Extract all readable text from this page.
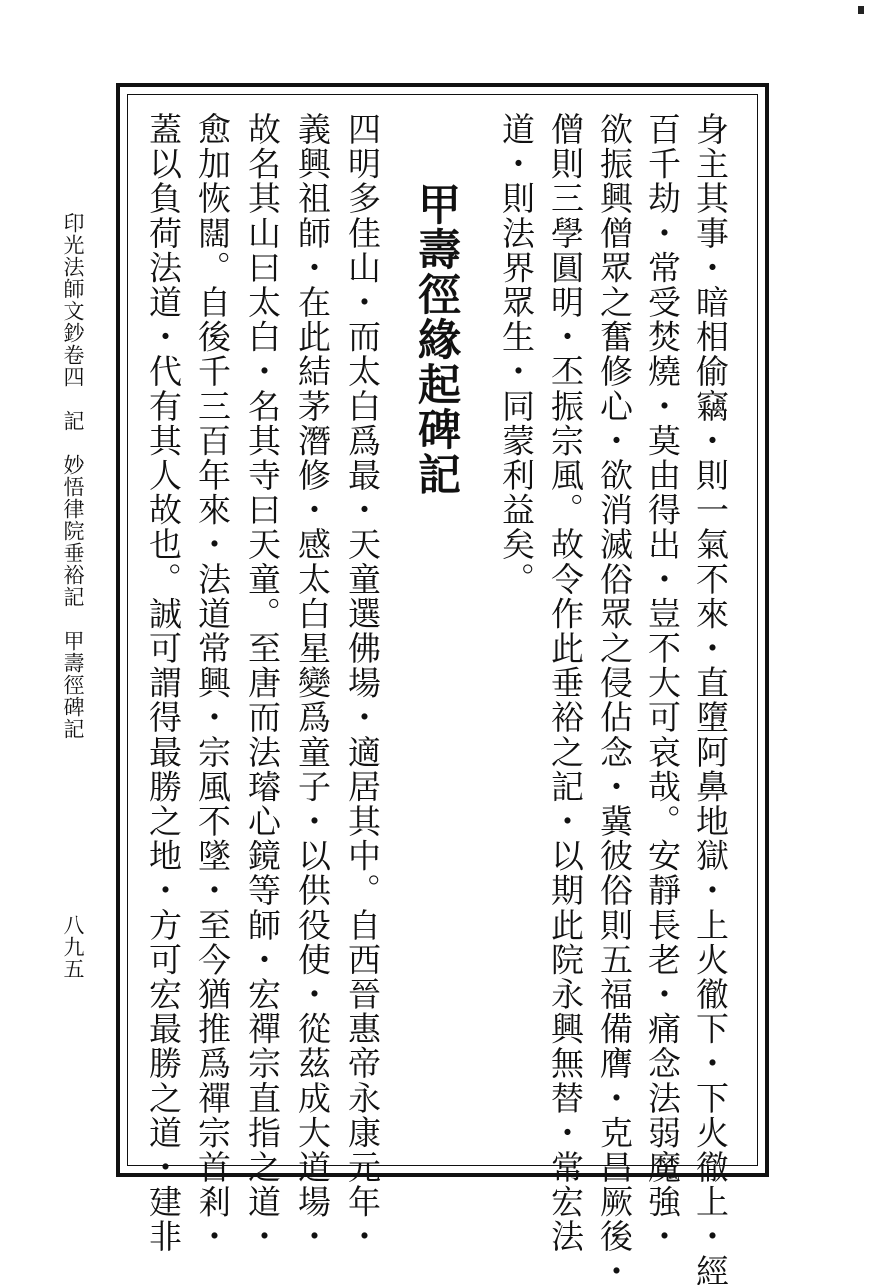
身主其事・暗相偷竊・則一氣不來・直墮阿鼻地獄・上火徹下・下火徹上・經
百千劫・常受焚燒・莫由得出・豈不大可哀哉。安靜長老・痛念法弱魔強・
欲振興僧眾之奮修心・欲消滅俗眾之侵佔念・冀彼俗則五福備膺・克昌厥後・
僧則三學圓明・丕振宗風。故令作此垂裕之記・以期此院永興無替・常宏法
道・則法界眾生・同蒙利益矣。
甲壽徑緣起碑記
四明多佳山・而太白爲最・天童選佛場・適居其中。自西晉惠帝永康元年・
義興祖師・在此結茅潛修・感太白星變爲童子・以供役使・從茲成大道場・
故名其山曰太白・名其寺曰天童。至唐而法璿心鏡等師・宏禪宗直指之道・
愈加恢闊。自後千三百年來・法道常興・宗風不墜・至今猶推爲禪宗首剎・
蓋以負荷法道・代有其人故也。誠可謂得最勝之地・方可宏最勝之道・建非
印光法師文鈔卷四　記　妙悟律院垂裕記　甲壽徑碑記
八九五
